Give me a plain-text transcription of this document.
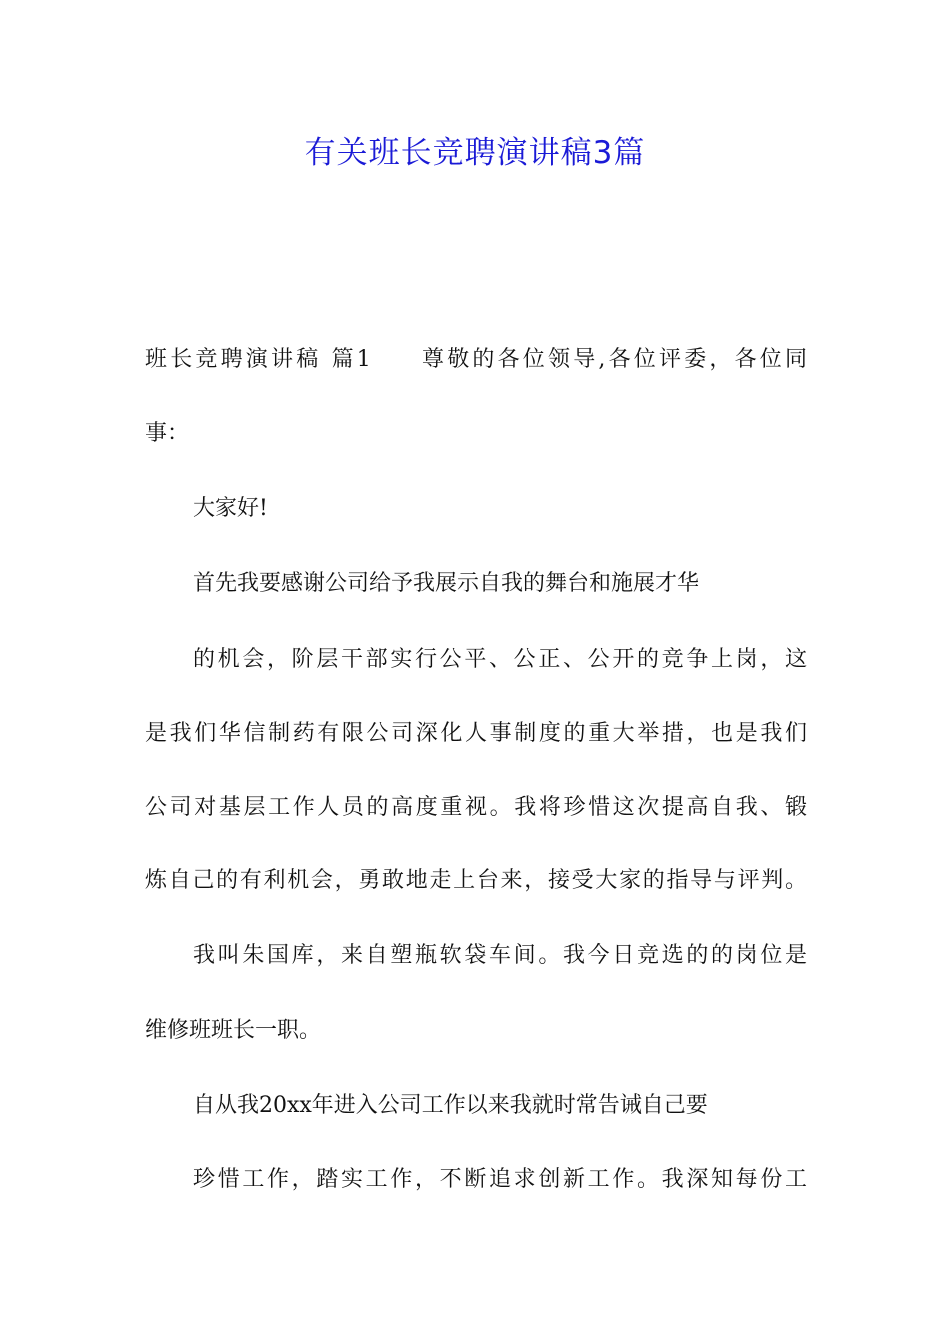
有关班长竞聘演讲稿3篇
班长竞聘演讲稿 篇1 尊敬的各位领导,各位评委，各位同
事：
大家好!
首先我要感谢公司给予我展示自我的舞台和施展才华
的机会，阶层干部实行公平、公正、公开的竞争上岗，这
是我们华信制药有限公司深化人事制度的重大举措，也是我们
公司对基层工作人员的高度重视。我将珍惜这次提高自我、锻
炼自己的有利机会，勇敢地走上台来，接受大家的指导与评判。
我叫朱国库，来自塑瓶软袋车间。我今日竞选的的岗位是
维修班班长一职。
自从我20xx年进入公司工作以来我就时常告诫自己要
珍惜工作，踏实工作，不断追求创新工作。我深知每份工
